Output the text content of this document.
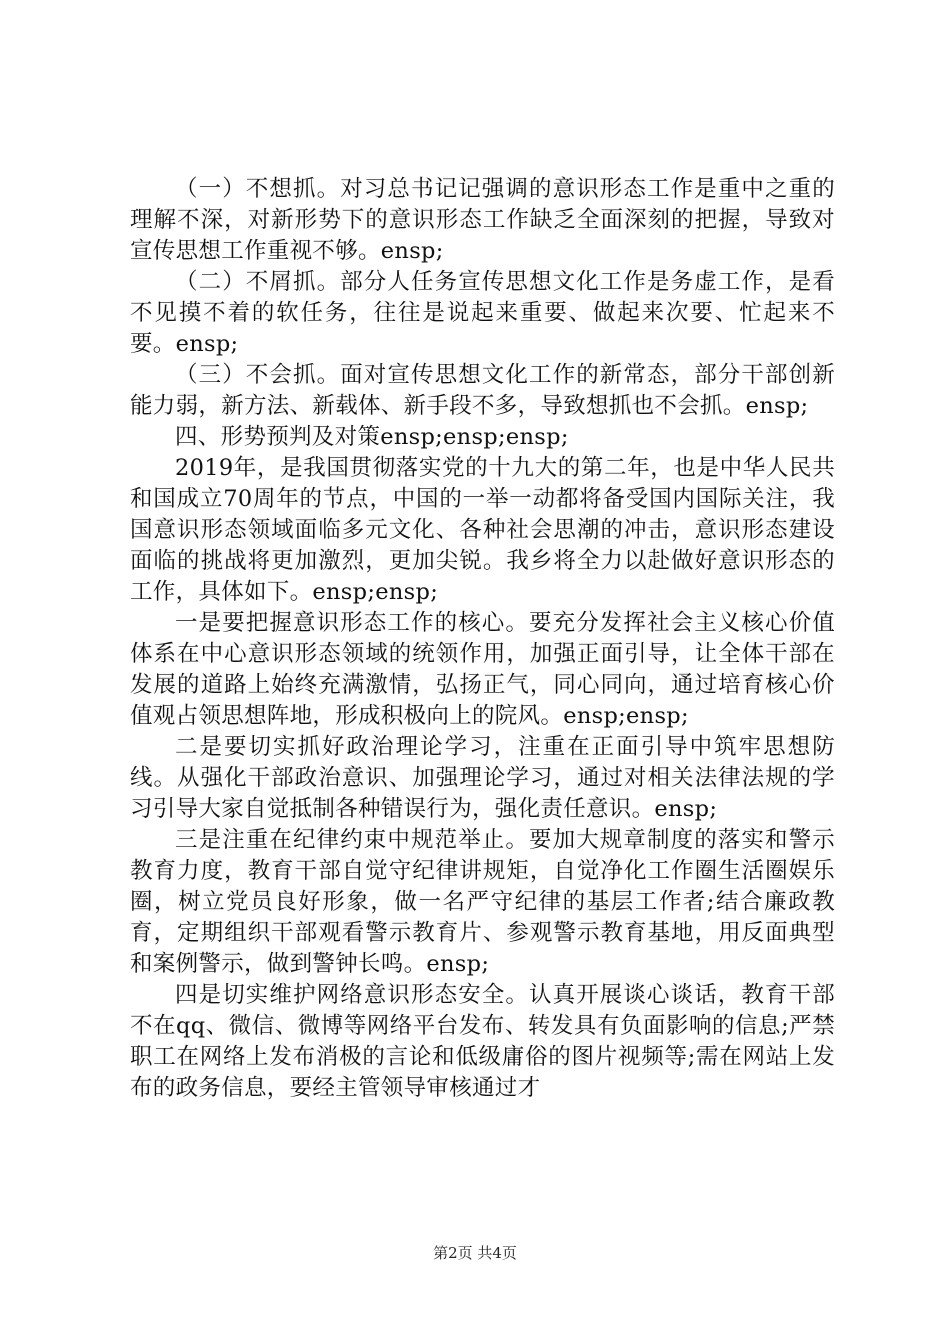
（一）不想抓。对习总书记记强调的意识形态工作是重中之重的理解不深，对新形势下的意识形态工作缺乏全面深刻的把握，导致对宣传思想工作重视不够。ensp;

（二）不屑抓。部分人任务宣传思想文化工作是务虚工作，是看不见摸不着的软任务，往往是说起来重要、做起来次要、忙起来不要。ensp;

（三）不会抓。面对宣传思想文化工作的新常态，部分干部创新能力弱，新方法、新载体、新手段不多，导致想抓也不会抓。ensp;

四、形势预判及对策ensp;ensp;ensp;

2019年，是我国贯彻落实党的十九大的第二年，也是中华人民共和国成立70周年的节点，中国的一举一动都将备受国内国际关注，我国意识形态领域面临多元文化、各种社会思潮的冲击，意识形态建设面临的挑战将更加激烈，更加尖锐。我乡将全力以赴做好意识形态的工作，具体如下。ensp;ensp;

一是要把握意识形态工作的核心。要充分发挥社会主义核心价值体系在中心意识形态领域的统领作用，加强正面引导，让全体干部在发展的道路上始终充满激情，弘扬正气，同心同向，通过培育核心价值观占领思想阵地，形成积极向上的院风。ensp;ensp;

二是要切实抓好政治理论学习，注重在正面引导中筑牢思想防线。从强化干部政治意识、加强理论学习，通过对相关法律法规的学习引导大家自觉抵制各种错误行为，强化责任意识。ensp;

三是注重在纪律约束中规范举止。要加大规章制度的落实和警示教育力度，教育干部自觉守纪律讲规矩，自觉净化工作圈生活圈娱乐圈，树立党员良好形象，做一名严守纪律的基层工作者;结合廉政教育，定期组织干部观看警示教育片、参观警示教育基地，用反面典型和案例警示，做到警钟长鸣。ensp;

四是切实维护网络意识形态安全。认真开展谈心谈话，教育干部不在qq、微信、微博等网络平台发布、转发具有负面影响的信息;严禁职工在网络上发布消极的言论和低级庸俗的图片视频等;需在网站上发布的政务信息，要经主管领导审核通过才

第2页 共4页
